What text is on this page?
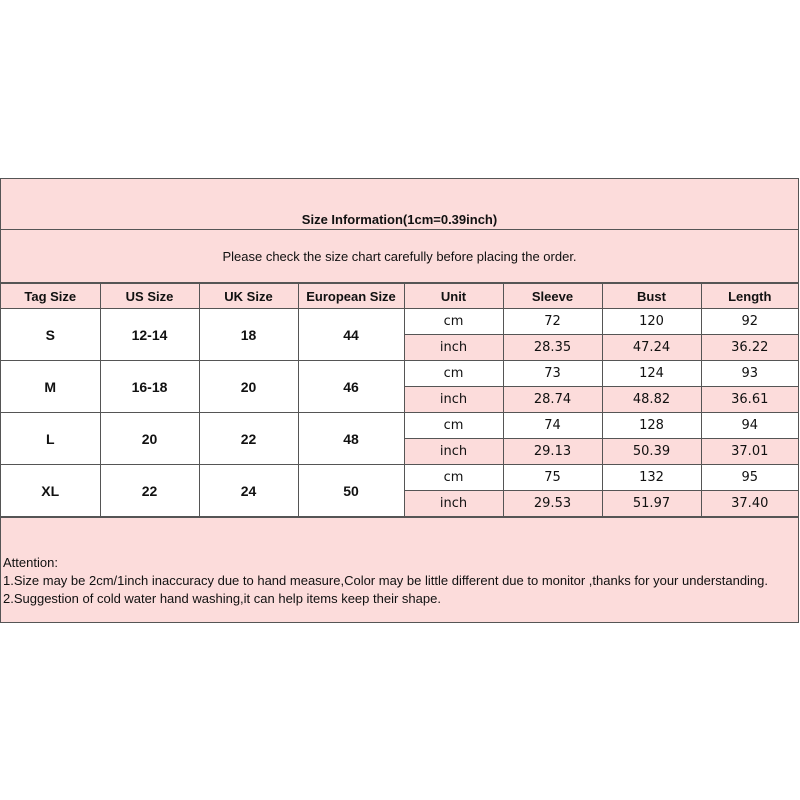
Size Information(1cm=0.39inch)
Please check the size chart carefully before placing the order.
Tag Size	US Size	UK Size	European Size	Unit	Sleeve	Bust	Length
S	12-14	18	44	cm	72	120	92
				inch	28.35	47.24	36.22
M	16-18	20	46	cm	73	124	93
				inch	28.74	48.82	36.61
L	20	22	48	cm	74	128	94
				inch	29.13	50.39	37.01
XL	22	24	50	cm	75	132	95
				inch	29.53	51.97	37.40

Attention:

1.Size may be 2cm/1inch inaccuracy due to hand measure,Color may be little different due to monitor ,thanks for your understanding.

2.Suggestion of cold water hand washing,it can help items keep their shape.
